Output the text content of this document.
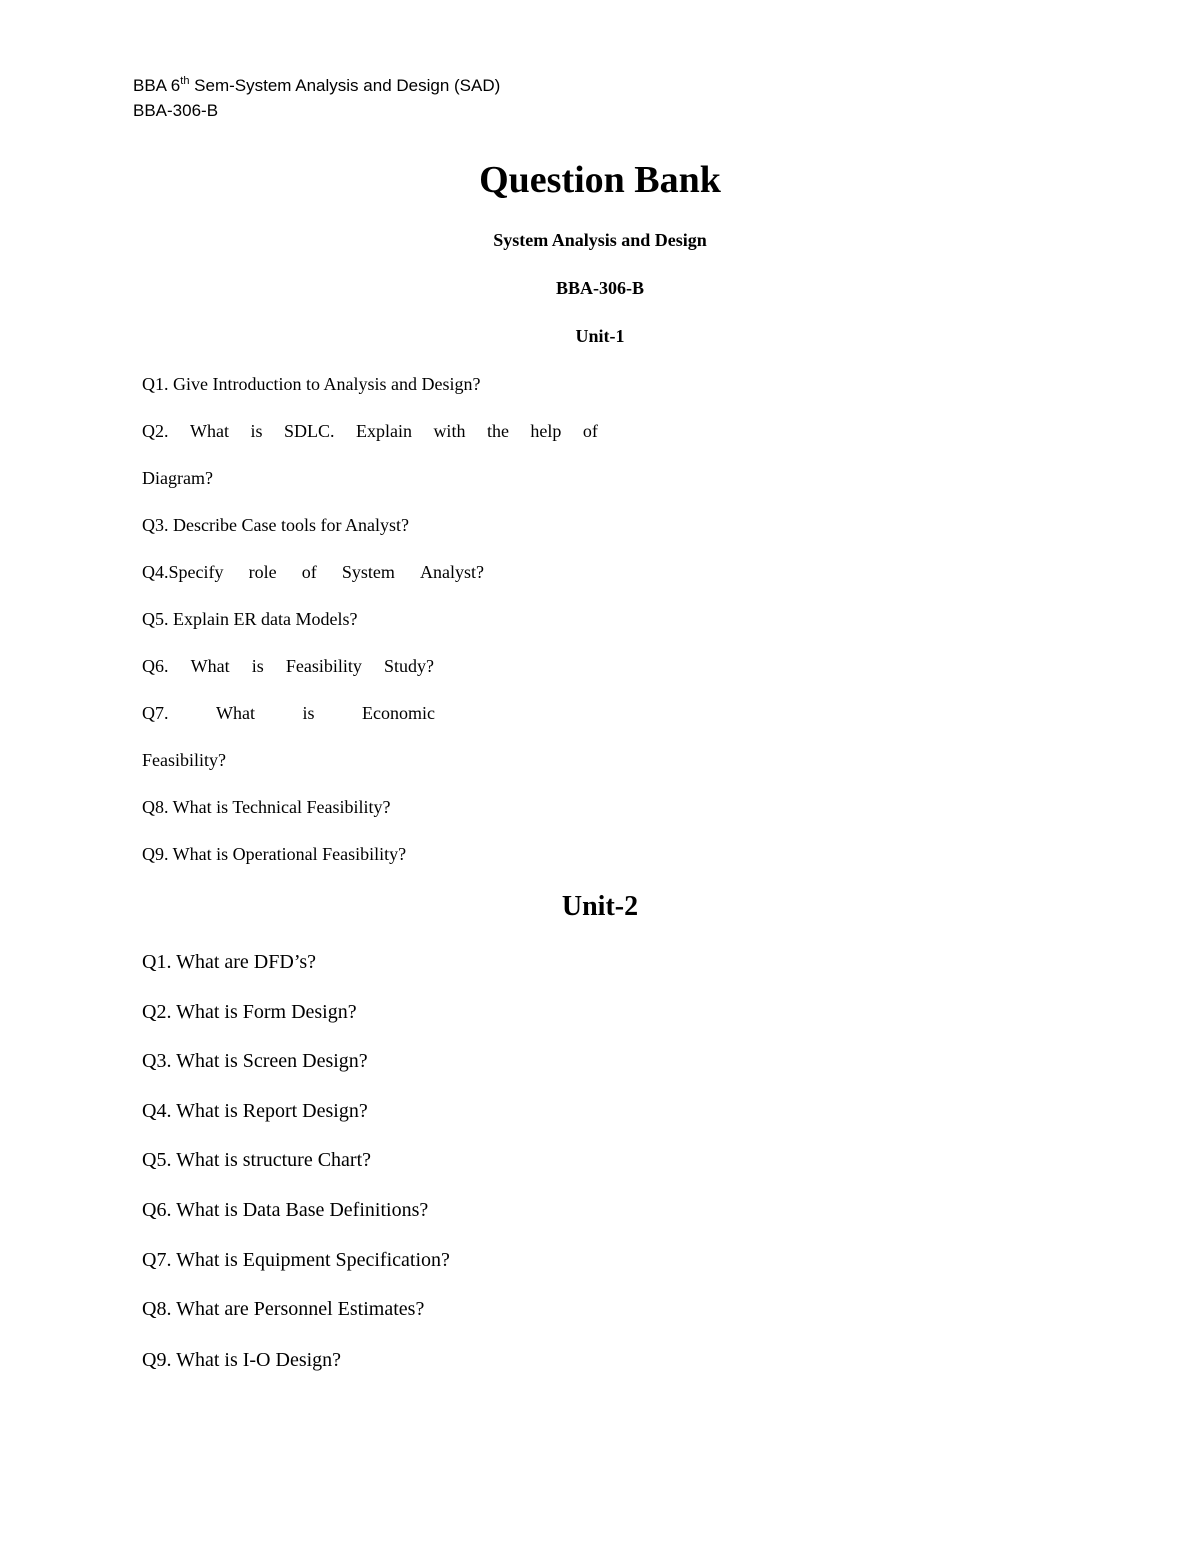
BBA 6th Sem-System Analysis and Design (SAD)
BBA-306-B
Question Bank
System Analysis and Design
BBA-306-B
Unit-1
Q1. Give Introduction to Analysis and Design?
Q2. What is SDLC. Explain with the help of
Diagram?
Q3. Describe Case tools for Analyst?
Q4.Specify role of System Analyst?
Q5. Explain ER data Models?
Q6. What is Feasibility Study?
Q7.	What	is	Economic
Feasibility?
Q8. What is Technical Feasibility?
Q9. What is Operational Feasibility?
Unit-2
Q1. What are DFD’s?
Q2. What is Form Design?
Q3. What is Screen Design?
Q4. What is Report Design?
Q5. What is structure Chart?
Q6. What is Data Base Definitions?
Q7. What is Equipment Specification?
Q8. What are Personnel Estimates?
Q9. What is I-O Design?
